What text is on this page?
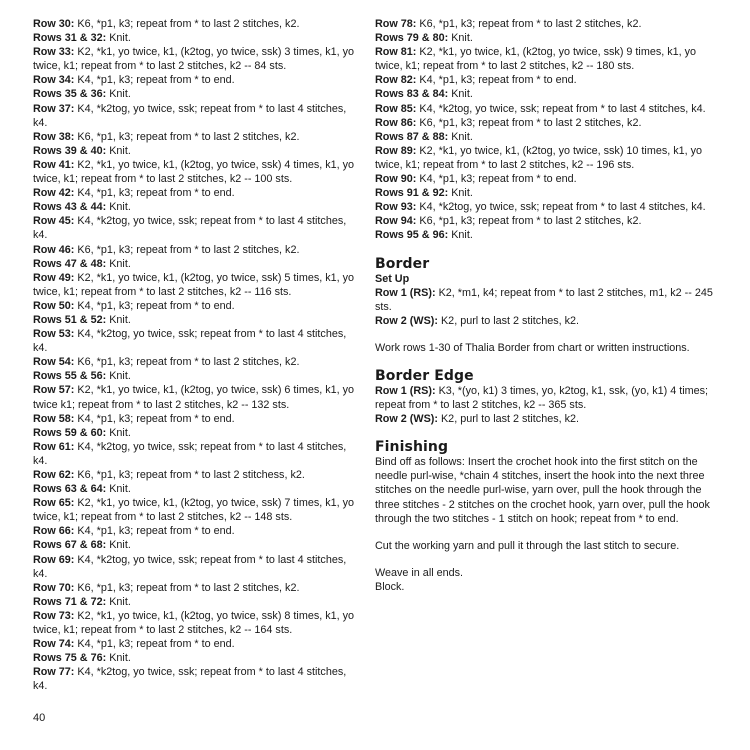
Row 30: K6, *p1, k3; repeat from * to last 2 stitches, k2.

Rows 31 & 32: Knit.

Row 33: K2, *k1, yo twice, k1, (k2tog, yo twice, ssk) 3 times, k1, yo twice, k1; repeat from * to last 2 stitches, k2 -- 84 sts.

Row 34: K4, *p1, k3; repeat from * to end.

Rows 35 & 36: Knit.

Row 37: K4, *k2tog, yo twice, ssk; repeat from * to last 4 stitches, k4.

Row 38: K6, *p1, k3; repeat from * to last 2 stitches, k2.

Rows 39 & 40: Knit.

Row 41: K2, *k1, yo twice, k1, (k2tog, yo twice, ssk) 4 times, k1, yo twice, k1; repeat from * to last 2 stitches, k2 -- 100 sts.

Row 42: K4, *p1, k3; repeat from * to end.

Rows 43 & 44: Knit.

Row 45: K4, *k2tog, yo twice, ssk; repeat from * to last 4 stitches, k4.

Row 46: K6, *p1, k3; repeat from * to last 2 stitches, k2.

Rows 47 & 48: Knit.

Row 49: K2, *k1, yo twice, k1, (k2tog, yo twice, ssk) 5 times, k1, yo twice, k1; repeat from * to last 2 stitches, k2 -- 116 sts.

Row 50: K4, *p1, k3; repeat from * to end.

Rows 51 & 52: Knit.

Row 53: K4, *k2tog, yo twice, ssk; repeat from * to last 4 stitches, k4.

Row 54: K6, *p1, k3; repeat from * to last 2 stitches, k2.

Rows 55 & 56: Knit.

Row 57: K2, *k1, yo twice, k1, (k2tog, yo twice, ssk) 6 times, k1, yo twice k1; repeat from * to last 2 stitches, k2 -- 132 sts.

Row 58: K4, *p1, k3; repeat from * to end.

Rows 59 & 60: Knit.

Row 61: K4, *k2tog, yo twice, ssk; repeat from * to last 4 stitches, k4.

Row 62: K6, *p1, k3; repeat from * to last 2 stitchess, k2.

Rows 63 & 64: Knit.

Row 65: K2, *k1, yo twice, k1, (k2tog, yo twice, ssk) 7 times, k1, yo twice, k1; repeat from * to last 2 stitches, k2 -- 148 sts.

Row 66: K4, *p1, k3; repeat from * to end.

Rows 67 & 68: Knit.

Row 69: K4, *k2tog, yo twice, ssk; repeat from * to last 4 stitches, k4.

Row 70: K6, *p1, k3; repeat from * to last 2 stitches, k2.

Rows 71 & 72: Knit.

Row 73: K2, *k1, yo twice, k1, (k2tog, yo twice, ssk) 8 times, k1, yo twice, k1; repeat from * to last 2 stitches, k2 -- 164 sts.

Row 74: K4, *p1, k3; repeat from * to end.

Rows 75 & 76: Knit.

Row 77: K4, *k2tog, yo twice, ssk; repeat from * to last 4 stitches, k4.

Row 78: K6, *p1, k3; repeat from * to last 2 stitches, k2.

Rows 79 & 80: Knit.

Row 81: K2, *k1, yo twice, k1, (k2tog, yo twice, ssk) 9 times, k1, yo twice, k1; repeat from * to last 2 stitches, k2 -- 180 sts.

Row 82: K4, *p1, k3; repeat from * to end.

Rows 83 & 84: Knit.

Row 85: K4, *k2tog, yo twice, ssk; repeat from * to last 4 stitches, k4.

Row 86: K6, *p1, k3; repeat from * to last 2 stitches, k2.

Rows 87 & 88: Knit.

Row 89: K2, *k1, yo twice, k1, (k2tog, yo twice, ssk) 10 times, k1, yo twice, k1; repeat from * to last 2 stitches, k2 -- 196 sts.

Row 90: K4, *p1, k3; repeat from * to end.

Rows 91 & 92: Knit.

Row 93: K4, *k2tog, yo twice, ssk; repeat from * to last 4 stitches, k4.

Row 94: K6, *p1, k3; repeat from * to last 2 stitches, k2.

Rows 95 & 96: Knit.

Border
Set Up

Row 1 (RS): K2, *m1, k4; repeat from * to last 2 stitches, m1, k2 -- 245 sts.

Row 2 (WS): K2, purl to last 2 stitches, k2.

Work rows 1-30 of Thalia Border from chart or written instructions.

Border Edge

Row 1 (RS): K3, *(yo, k1) 3 times, yo, k2tog, k1, ssk, (yo, k1) 4 times; repeat from * to last 2 stitches, k2 -- 365 sts.

Row 2 (WS): K2, purl to last 2 stitches, k2.

Finishing

Bind off as follows: Insert the crochet hook into the first stitch on the needle purl-wise, *chain 4 stitches, insert the hook into the next three stitches on the needle purl-wise, yarn over, pull the hook through the three stitches - 2 stitches on the crochet hook, yarn over, pull the hook through the two stitches - 1 stitch on hook; repeat from * to end.

Cut the working yarn and pull it through the last stitch to secure.

Weave in all ends.

Block.

40
